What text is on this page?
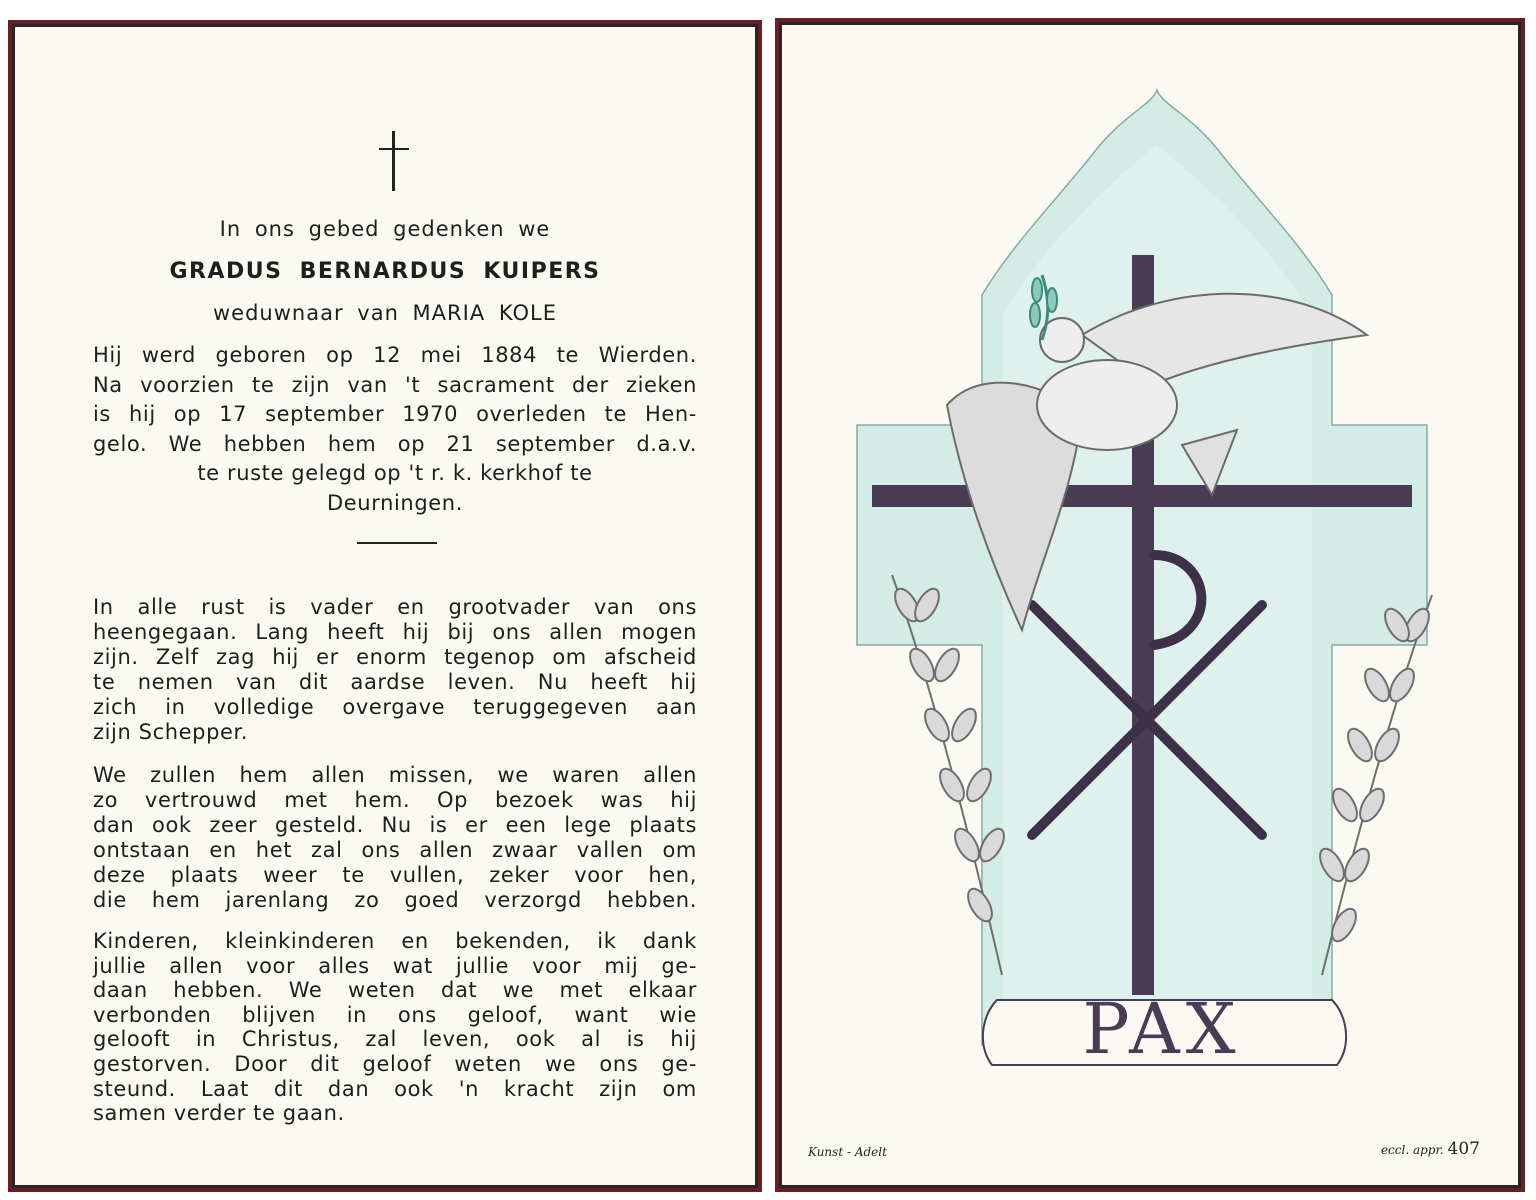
In ons gebed gedenken we

GRADUS BERNARDUS KUIPERS

weduwnaar van MARIA KOLE

Hij werd geboren op 12 mei 1884 te Wierden.
Na voorzien te zijn van 't sacrament der zieken
is hij op 17 september 1970 overleden te Hen-
gelo. We hebben hem op 21 september d.a.v.
te ruste gelegd op 't r. k. kerkhof te
Deurningen.
In alle rust is vader en grootvader van ons
heengegaan. Lang heeft hij bij ons allen mogen
zijn. Zelf zag hij er enorm tegenop om afscheid
te nemen van dit aardse leven. Nu heeft hij
zich in volledige overgave teruggegeven aan
zijn Schepper.
We zullen hem allen missen, we waren allen
zo vertrouwd met hem. Op bezoek was hij
dan ook zeer gesteld. Nu is er een lege plaats
ontstaan en het zal ons allen zwaar vallen om
deze plaats weer te vullen, zeker voor hen,
die hem jarenlang zo goed verzorgd hebben.
Kinderen, kleinkinderen en bekenden, ik dank
jullie allen voor alles wat jullie voor mij ge-
daan hebben. We weten dat we met elkaar
verbonden blijven in ons geloof, want wie
gelooft in Christus, zal leven, ook al is hij
gestorven. Door dit geloof weten we ons ge-
steund. Laat dit dan ook 'n kracht zijn om
samen verder te gaan.
PAX
Kunst - Adelt	eccl. appr. 407
